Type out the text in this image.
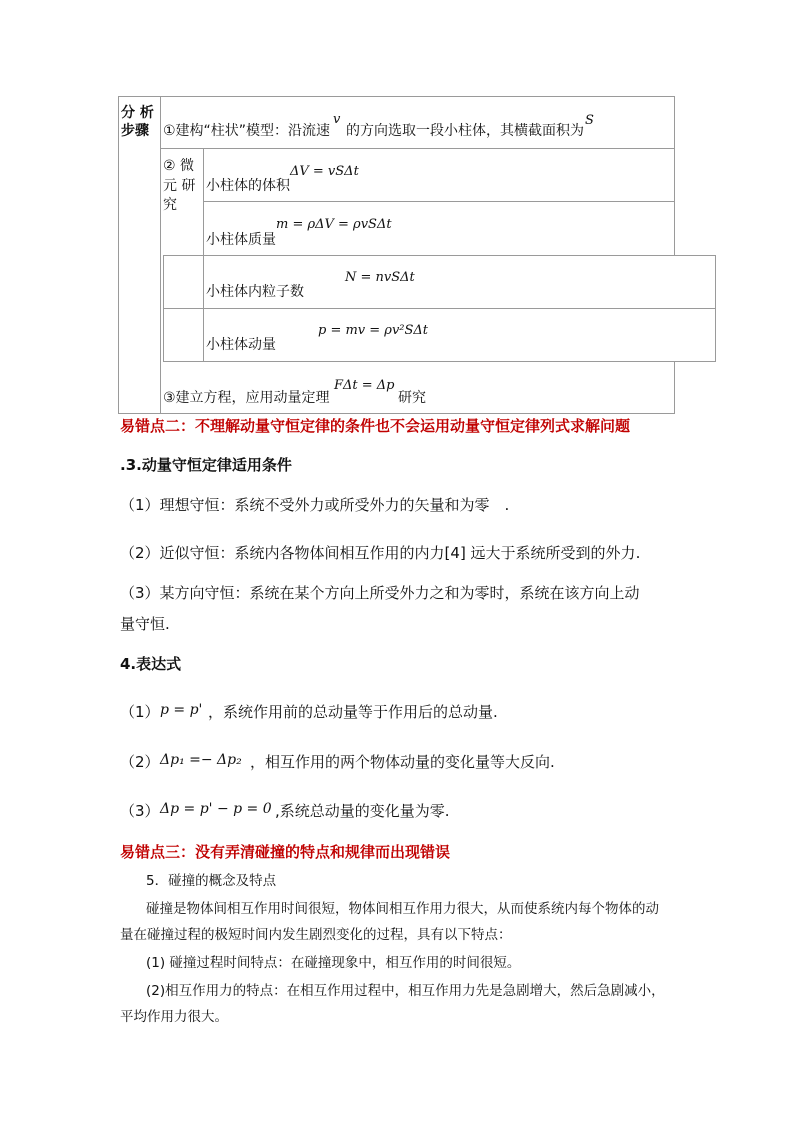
分 析
步骤 ①建构“柱状”模型：沿流速
v
的方向选取一段小柱体，其横截面积为
S
② 微
元 研
究
小柱体的体积
ΔV = vSΔt
小柱体质量
m = ρΔV = ρvSΔt
小柱体内粒子数
N = nvSΔt
小柱体动量
p = mv = ρv²SΔt
③建立方程，应用动量定理
FΔt = Δp
研究
易错点二：不理解动量守恒定律的条件也不会运用动量守恒定律列式求解问题
.3.动量守恒定律适用条件
（1）理想守恒：系统不受外力或所受外力的矢量和为零　.
（2）近似守恒：系统内各物体间相互作用的内力[4] 远大于系统所受到的外力.
（3）某方向守恒：系统在某个方向上所受外力之和为零时，系统在该方向上动
量守恒.
4.表达式
（1） p = p' ，系统作用前的总动量等于作用后的总动量.
（2） Δp₁ =− Δp₂ ，相互作用的两个物体动量的变化量等大反向.
（3） Δp = p' − p = 0 ,系统总动量的变化量为零.
易错点三：没有弄清碰撞的特点和规律而出现错误
5．碰撞的概念及特点
碰撞是物体间相互作用时间很短，物体间相互作用力很大，从而使系统内每个物体的动
量在碰撞过程的极短时间内发生剧烈变化的过程，具有以下特点：
(1) 碰撞过程时间特点：在碰撞现象中，相互作用的时间很短。
(2)相互作用力的特点：在相互作用过程中，相互作用力先是急剧增大，然后急剧减小，
平均作用力很大。
